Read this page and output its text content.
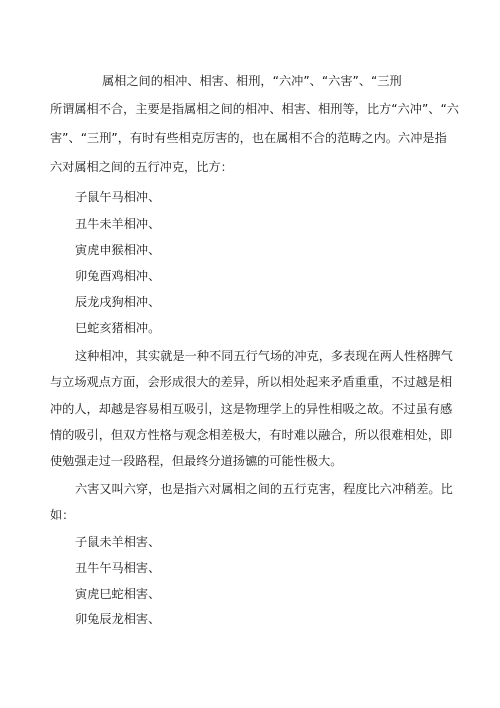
属相之间的相冲、相害、相刑，“六冲”、“六害”、“三刑
所谓属相不合，主要是指属相之间的相冲、相害、相刑等，比方“六冲”、“六
害”、“三刑”，有时有些相克厉害的，也在属相不合的范畴之内。六冲是指
六对属相之间的五行冲克，比方：
子鼠午马相冲、
丑牛未羊相冲、
寅虎申猴相冲、
卯兔酉鸡相冲、
辰龙戌狗相冲、
巳蛇亥猪相冲。
这种相冲，其实就是一种不同五行气场的冲克，多表现在两人性格脾气
与立场观点方面，会形成很大的差异，所以相处起来矛盾重重，不过越是相
冲的人，却越是容易相互吸引，这是物理学上的异性相吸之故。不过虽有感
情的吸引，但双方性格与观念相差极大，有时难以融合，所以很难相处，即
使勉强走过一段路程，但最终分道扬镳的可能性极大。
六害又叫六穿，也是指六对属相之间的五行克害，程度比六冲稍差。比
如：
子鼠未羊相害、
丑牛午马相害、
寅虎巳蛇相害、
卯兔辰龙相害、
